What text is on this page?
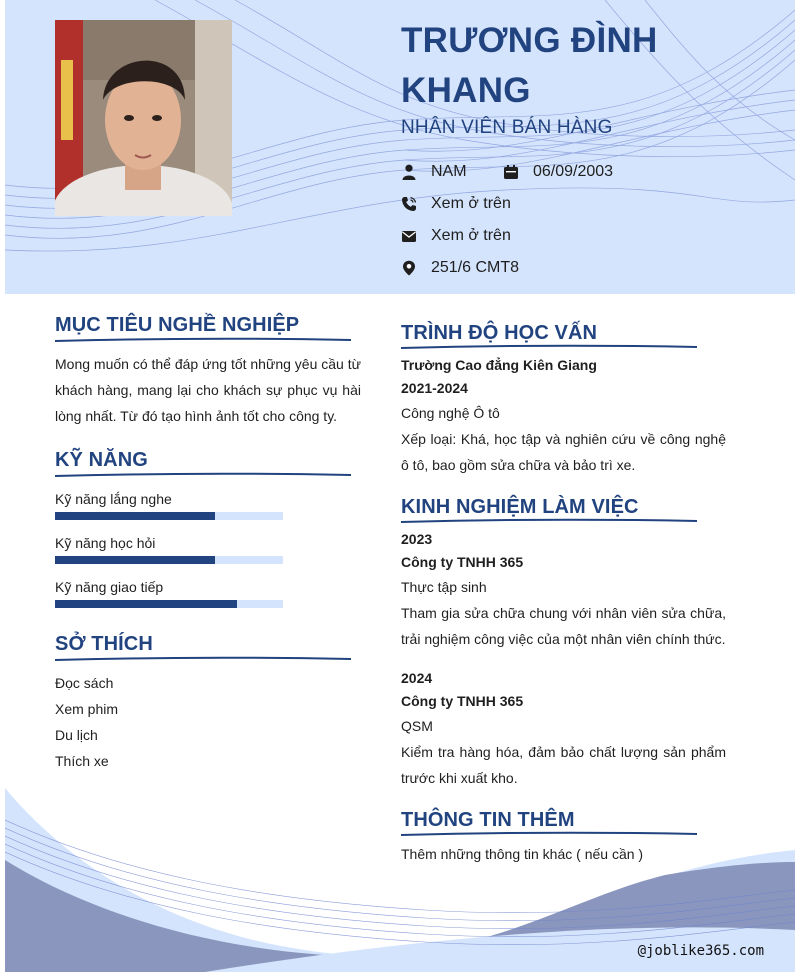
TRƯƠNG ĐÌNH KHANG
NHÂN VIÊN BÁN HÀNG
NAM	06/09/2003
Xem ở trên
Xem ở trên
251/6 CMT8
MỤC TIÊU NGHỀ NGHIỆP
Mong muốn có thể đáp ứng tốt những yêu cầu từ khách hàng, mang lại cho khách sự phục vụ hài lòng nhất. Từ đó tạo hình ảnh tốt cho công ty.
KỸ NĂNG
Kỹ năng lắng nghe
Kỹ năng học hỏi
Kỹ năng giao tiếp
SỞ THÍCH
Đọc sách
Xem phim
Du lịch
Thích xe
TRÌNH ĐỘ HỌC VẤN
Trường Cao đẳng Kiên Giang
2021-2024
Công nghệ Ô tô
Xếp loại: Khá, học tập và nghiên cứu về công nghệ ô tô, bao gồm sửa chữa và bảo trì xe.
KINH NGHIỆM LÀM VIỆC
2023
Công ty TNHH 365
Thực tập sinh
Tham gia sửa chữa chung với nhân viên sửa chữa, trải nghiệm công việc của một nhân viên chính thức.
2024
Công ty TNHH 365
QSM
Kiểm tra hàng hóa, đảm bảo chất lượng sản phẩm trước khi xuất kho.
THÔNG TIN THÊM
Thêm những thông tin khác ( nếu cần )
@joblike365.com
